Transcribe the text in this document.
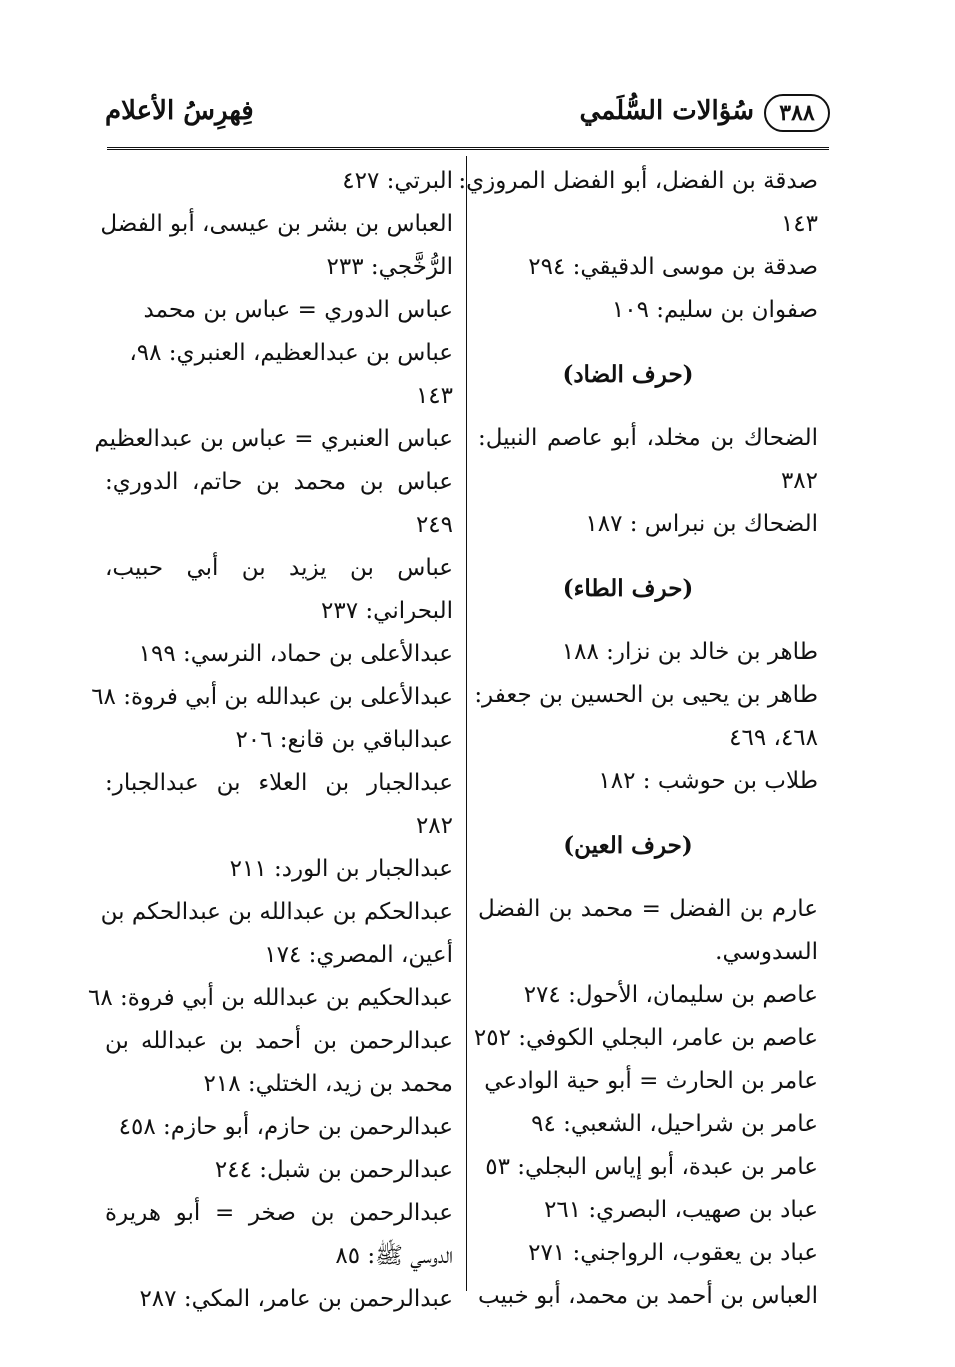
٣٨٨
سُؤالات السُّلَمي
فِهرِسُ الأعلام
صدقة بن الفضل، أبو الفضل المروزي:
١٤٣
صدقة بن موسى الدقيقي: ٢٩٤
صفوان بن سليم: ١٠٩
(حرف الضاد)
الضحاك بن مخلد، أبو عاصم النبيل:
٣٨٢
الضحاك بن نبراس : ١٨٧
(حرف الطاء)
طاهر بن خالد بن نزار: ١٨٨
طاهر بن يحيى بن الحسين بن جعفر:
٤٦٨، ٤٦٩
طلاب بن حوشب : ١٨٢
(حرف العين)
عارم بن الفضل = محمد بن الفضل
السدوسي.
عاصم بن سليمان، الأحول: ٢٧٤
عاصم بن عامر، البجلي الكوفي: ٢٥٢
عامر بن الحارث = أبو حية الوادعي
عامر بن شراحيل، الشعبي: ٩٤
عامر بن عبدة، أبو إياس البجلي: ٥٣
عباد بن صهيب، البصري: ٢٦١
عباد بن يعقوب، الرواجني: ٢٧١
العباس بن أحمد بن محمد، أبو خبيب
البرتي: ٤٢٧
العباس بن بشر بن عيسى، أبو الفضل
الرُّخَّجي: ٢٣٣
عباس الدوري = عباس بن محمد
عباس بن عبدالعظيم، العنبري: ٩٨،
١٤٣
عباس العنبري = عباس بن عبدالعظيم
عباس بن محمد بن حاتم، الدوري:
٢٤٩
عباس بن يزيد بن أبي حبيب،
البحراني: ٢٣٧
عبدالأعلى بن حماد، النرسي: ١٩٩
عبدالأعلى بن عبدالله بن أبي فروة: ٦٨
عبدالباقي بن قانع: ٢٠٦
عبدالجبار بن العلاء بن عبدالجبار:
٢٨٢
عبدالجبار بن الورد: ٢١١
عبدالحكم بن عبدالله بن عبدالحكم بن
أعين، المصري: ١٧٤
عبدالحكيم بن عبدالله بن أبي فروة: ٦٨
عبدالرحمن بن أحمد بن عبدالله بن
محمد بن زيد، الختلي: ٢١٨
عبدالرحمن بن حازم، أبو حازم: ٤٥٨
عبدالرحمن بن شبل: ٢٤٤
عبدالرحمن بن صخر = أبو هريرة
الدوسي ﷺ: ٨٥
عبدالرحمن بن عامر، المكي: ٢٨٧
